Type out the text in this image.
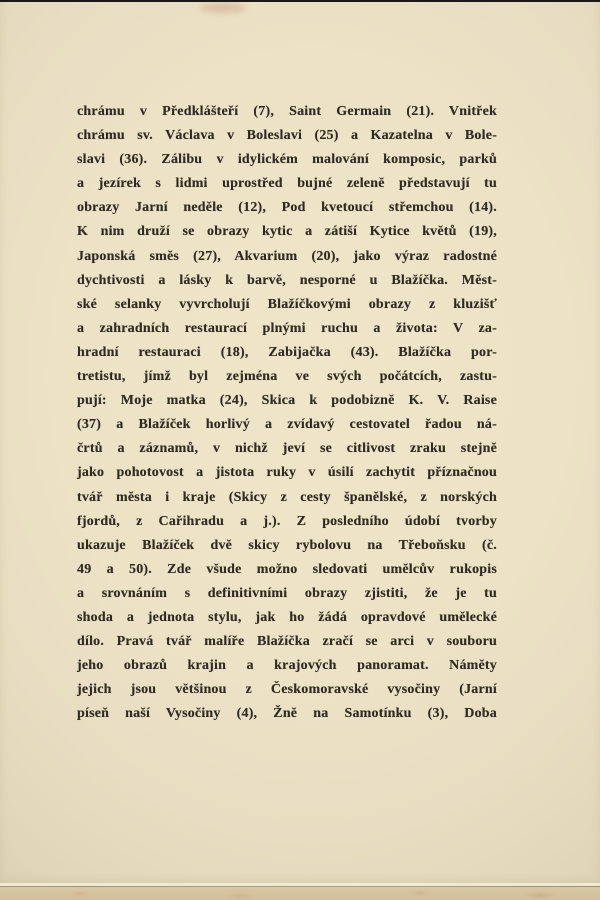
chrámu v Předklášteří (7), Saint Germain (21). Vnitřek
chrámu sv. Václava v Boleslavi (25) a Kazatelna v Bole-
slavi (36). Zálibu v idylickém malování komposic, parků
a jezírek s lidmi uprostřed bujné zeleně představují tu
obrazy Jarní neděle (12), Pod kvetoucí střemchou (14).
K nim druží se obrazy kytic a zátiší Kytice květů (19),
Japonská směs (27), Akvarium (20), jako výraz radostné
dychtivosti a lásky k barvě, nesporné u Blažíčka. Měst-
ské selanky vyvrcholují Blažíčkovými obrazy z kluzišť
a zahradních restaurací plnými ruchu a života: V za-
hradní restauraci (18), Zabijačka (43). Blažíčka por-
tretistu, jímž byl zejména ve svých počátcích, zastu-
pují: Moje matka (24), Skica k podobizně K. V. Raise
(37) a Blažíček horlivý a zvídavý cestovatel řadou ná-
črtů a záznamů, v nichž jeví se citlivost zraku stejně
jako pohotovost a jistota ruky v úsilí zachytit příznačnou
tvář města i kraje (Skicy z cesty španělské, z norských
fjordů, z Cařihradu a j.). Z posledního údobí tvorby
ukazuje Blažíček dvě skicy rybolovu na Třeboňsku (č.
49 a 50). Zde všude možno sledovati umělcův rukopis
a srovnáním s definitivními obrazy zjistiti, že je tu
shoda a jednota stylu, jak ho žádá opravdové umělecké
dílo. Pravá tvář malíře Blažíčka zračí se arci v souboru
jeho obrazů krajin a krajových panoramat. Náměty
jejich jsou většinou z Českomoravské vysočiny (Jarní
píseň naší Vysočiny (4), Žně na Samotínku (3), Doba
